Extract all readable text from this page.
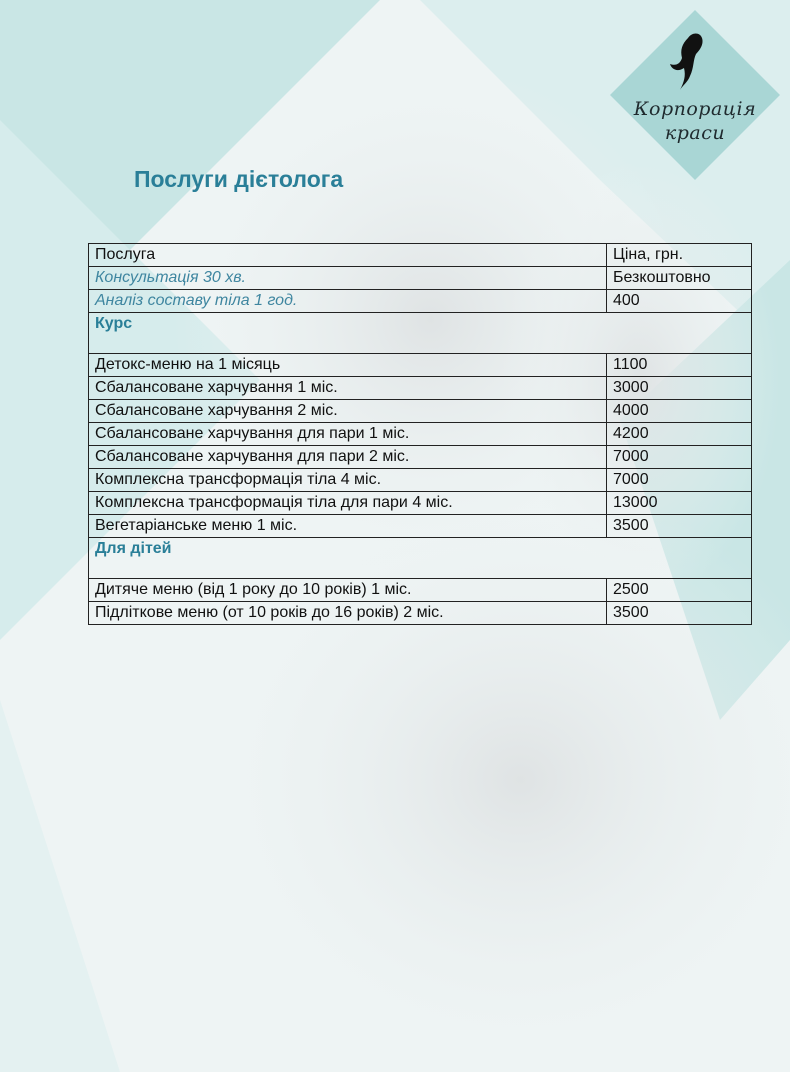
Корпорація
краси
Послуги дієтолога
Послуга	Ціна, грн.
Консультація 30 хв.	Безкоштовно
Аналіз составу тіла 1 год.	400
Курс	
Детокс-меню на 1 місяць	1100
Сбалансоване харчування 1 міс.	3000
Сбалансоване харчування 2 міс.	4000
Сбалансоване харчування для пари 1 міс.	4200
Сбалансоване харчування для пари 2 міс.	7000
Комплексна трансформація тіла 4 міс.	7000
Комплексна трансформація тіла для пари 4 міс.	13000
Вегетаріанське меню 1 міс.	3500
Для дітей	
Дитяче меню (від 1 року до 10 років) 1 міс.	2500
Підліткове меню (от 10 років до 16 років) 2 міс.	3500
